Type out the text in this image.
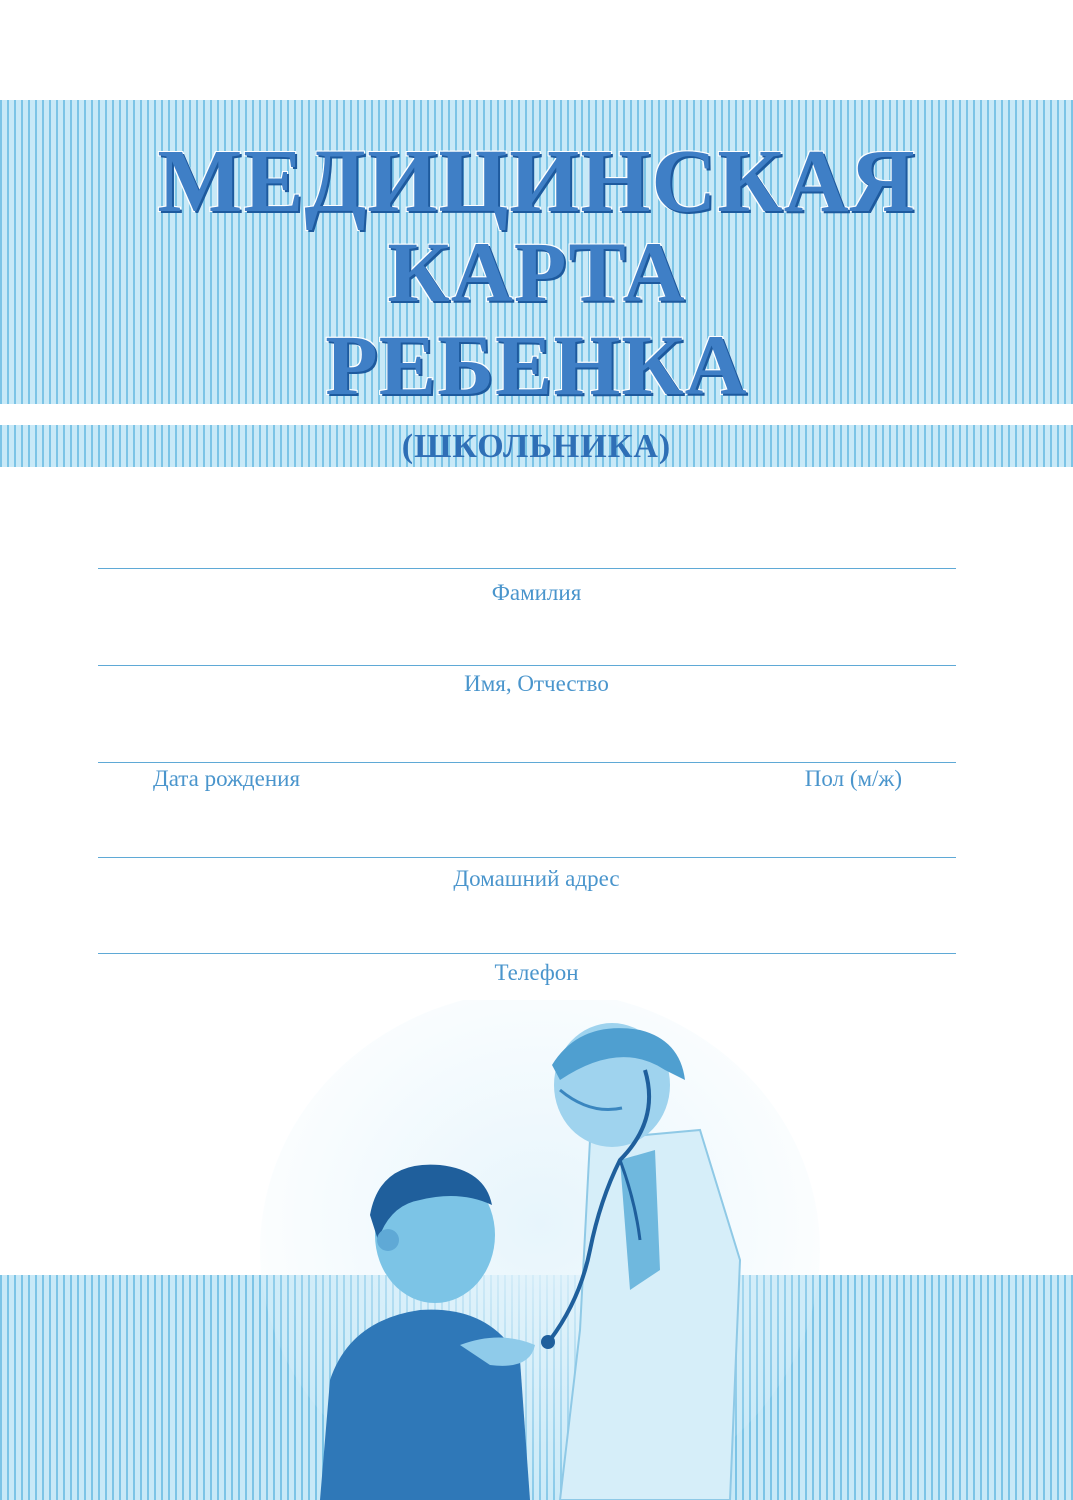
МЕДИЦИНСКАЯ
КАРТА
РЕБЕНКА
(ШКОЛЬНИКА)
Фамилия
Имя, Отчество
Дата рождения	Пол (м/ж)
Домашний адрес
Телефон
